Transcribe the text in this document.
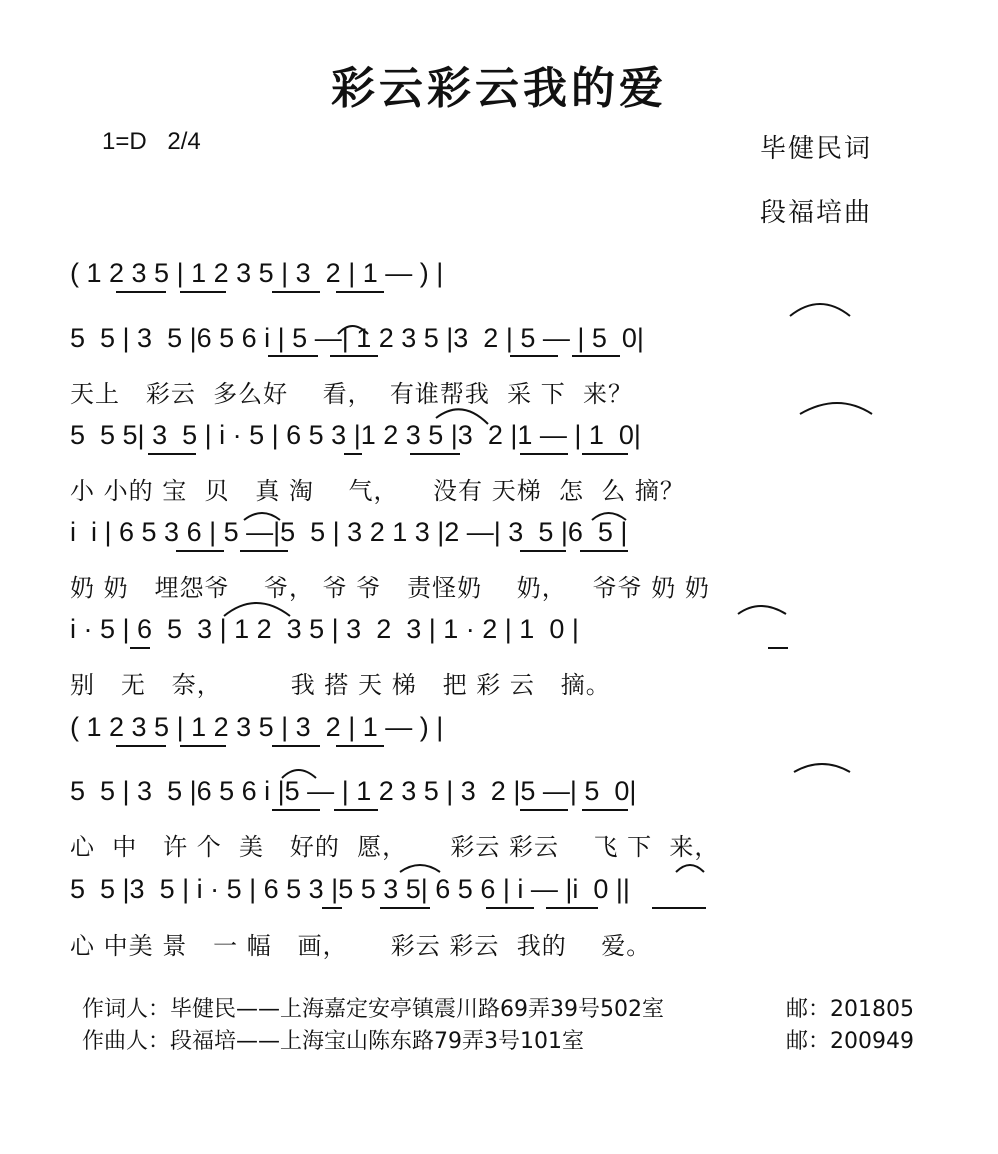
彩云彩云我的爱
1=D 2/4	毕健民词
段福培曲
( 1 2 3 5 | 1 2 3 5 | 3  2 | 1 — ) |
5  5 | 3  5 |6 5 6 i | 5 —| 1 2 3 5 |3  2 | 5 — | 5  0|
天上   彩云  多么好    看，  有谁帮我  采 下  来？
5  5 5| 3  5 | i · 5 | 6 5 3 |1 2 3 5 |3  2 |1 — | 1  0|
小 小的 宝  贝   真 淘    气，    没有 天梯  怎  么 摘？
i  i | 6 5 3 6 | 5 —|5  5 | 3 2 1 3 |2 —| 3  5 |6  5 |
奶 奶   埋怨爷    爷， 爷 爷   责怪奶    奶，   爷爷 奶 奶
i · 5 | 6  5  3 | 1 2  3 5 | 3  2  3 | 1 · 2 | 1  0 |
别   无   奈，        我 搭 天 梯   把 彩 云   摘。
( 1 2 3 5 | 1 2 3 5 | 3  2 | 1 — ) |
5  5 | 3  5 |6 5 6 i |5 — | 1 2 3 5 | 3  2 |5 —| 5  0|
心  中   许 个  美   好的  愿，     彩云 彩云    飞 下  来，
5  5 |3  5 | i · 5 | 6 5 3 |5 5 3 5| 6 5 6 | i — |i  0 ||
心 中美 景   一 幅   画，     彩云 彩云  我的    爱。
作词人：毕健民——上海嘉定安亭镇震川路69弄39号502室	邮：201805
作曲人：段福培——上海宝山陈东路79弄3号101室	邮：200949
